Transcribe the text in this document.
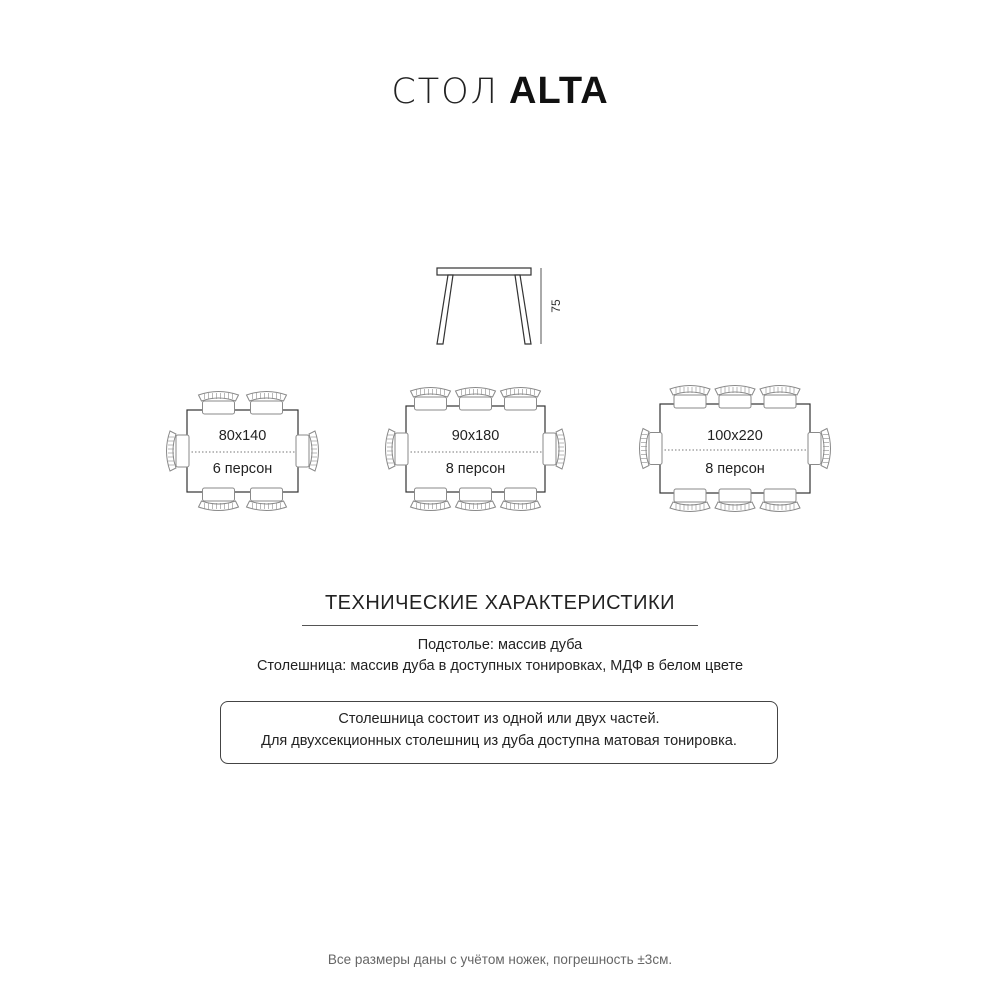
СТОЛ ALTA
75
80x140
6 персон
90x180
8 персон
100x220
8 персон
ТЕХНИЧЕСКИЕ ХАРАКТЕРИСТИКИ
Подстолье: массив дуба
Столешница: массив дуба в доступных тонировках, МДФ в белом цвете
Столешница состоит из одной или двух частей.
Для двухсекционных столешниц из дуба доступна матовая тонировка.
Все размеры даны с учётом ножек, погрешность ±3см.
